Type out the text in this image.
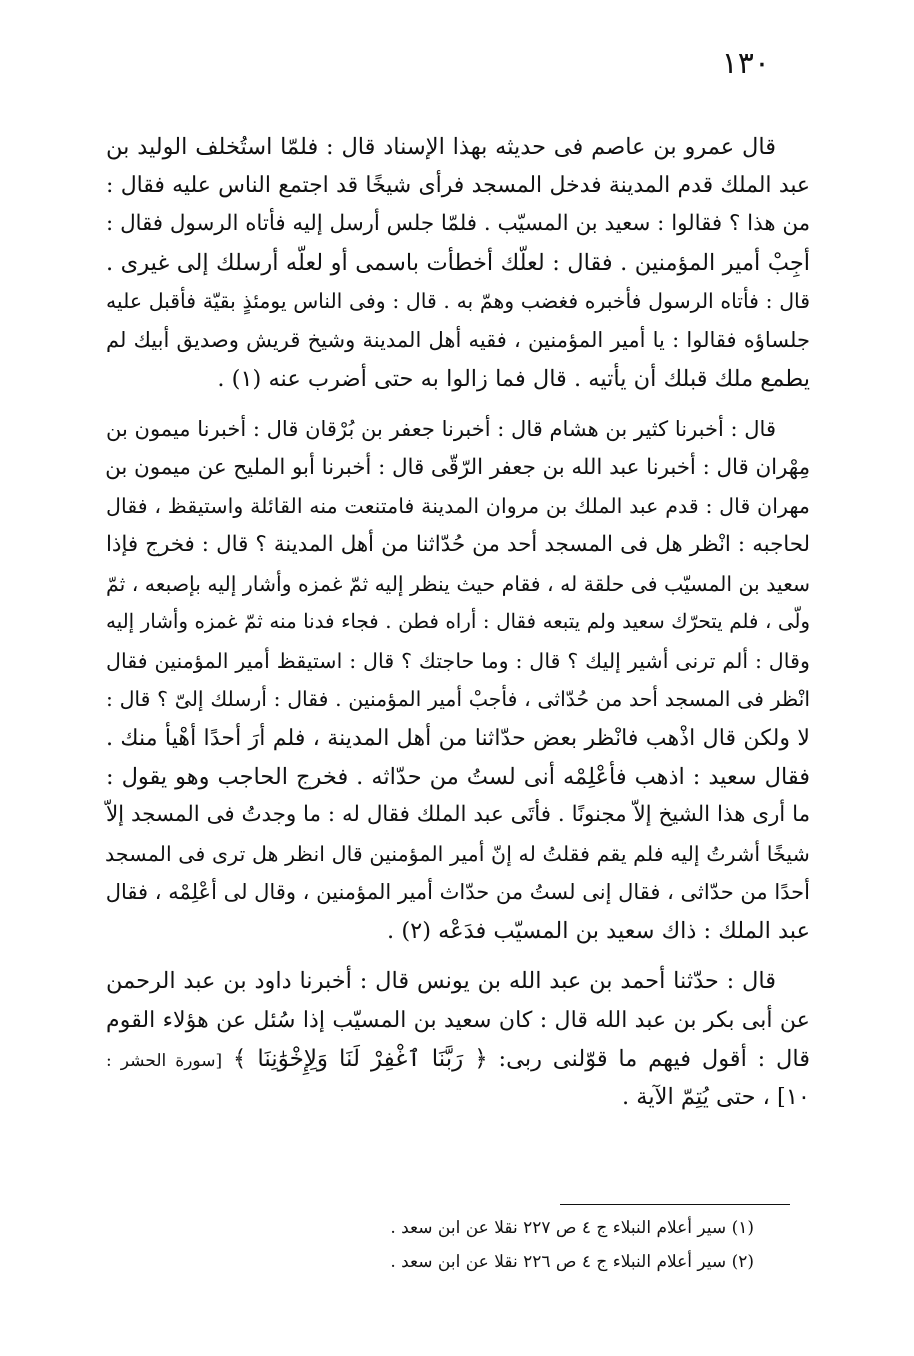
١٣٠
قال عمرو بن عاصم فى حديثه بهذا الإسناد قال : فلمّا استُخلف الوليد بن
عبد الملك قدم المدينة فدخل المسجد فرأى شيخًا قد اجتمع الناس عليه فقال :
من هذا ؟ فقالوا : سعيد بن المسيّب . فلمّا جلس أرسل إليه فأتاه الرسول فقال :
أجِبْ أمير المؤمنين . فقال : لعلّك أخطأت باسمى أو لعلّه أرسلك إلى غيرى .
قال : فأتاه الرسول فأخبره فغضب وهمّ به . قال : وفى الناس يومئذٍ بقيّة فأقبل عليه
جلساؤه فقالوا : يا أمير المؤمنين ، فقيه أهل المدينة وشيخ قريش وصديق أبيك لم
يطمع ملك قبلك أن يأتيه . قال فما زالوا به حتى أضرب عنه (١) .
قال : أخبرنا كثير بن هشام قال : أخبرنا جعفر بن بُرْقان قال : أخبرنا ميمون بن
مِهْران قال : أخبرنا عبد الله بن جعفر الرّقّى قال : أخبرنا أبو المليح عن ميمون بن
مهران قال : قدم عبد الملك بن مروان المدينة فامتنعت منه القائلة واستيقظ ، فقال
لحاجبه : انْظر هل فى المسجد أحد من حُدّاثنا من أهل المدينة ؟ قال : فخرج فإذا
سعيد بن المسيّب فى حلقة له ، فقام حيث ينظر إليه ثمّ غمزه وأشار إليه بإصبعه ، ثمّ
ولّى ، فلم يتحرّك سعيد ولم يتبعه فقال : أراه فطن . فجاء فدنا منه ثمّ غمزه وأشار إليه
وقال : ألم ترنى أشير إليك ؟ قال : وما حاجتك ؟ قال : استيقظ أمير المؤمنين فقال
انْظر فى المسجد أحد من حُدّاثى ، فأجبْ أمير المؤمنين . فقال : أرسلك إلىّ ؟ قال :
لا ولكن قال اذْهب فانْظر بعض حدّاثنا من أهل المدينة ، فلم أرَ أحدًا أهْيأ منك .
فقال سعيد : اذهب فأعْلِمْه أنى لستُ من حدّاثه . فخرج الحاجب وهو يقول :
ما أرى هذا الشيخ إلاّ مجنونًا . فأتَى عبد الملك فقال له : ما وجدتُ فى المسجد إلاّ
شيخًا أشرتُ إليه فلم يقم فقلتُ له إنّ أمير المؤمنين قال انظر هل ترى فى المسجد
أحدًا من حدّاثى ، فقال إنى لستُ من حدّاث أمير المؤمنين ، وقال لى أعْلِمْه ، فقال
عبد الملك : ذاك سعيد بن المسيّب فدَعْه (٢) .
قال : حدّثنا أحمد بن عبد الله بن يونس قال : أخبرنا داود بن عبد الرحمن
عن أبى بكر بن عبد الله قال : كان سعيد بن المسيّب إذا سُئل عن هؤلاء القوم
قال : أقول فيهم ما قوّلنى ربى: ﴿ رَبَّنَا ٱغْفِرْ لَنَا وَلِإِخْوَٰنِنَا ﴾ [سورة الحشر :
١٠] ، حتى يُتِمّ الآية .
(١) سير أعلام النبلاء ج ٤ ص ٢٢٧ نقلا عن ابن سعد .
(٢) سير أعلام النبلاء ج ٤ ص ٢٢٦ نقلا عن ابن سعد .
